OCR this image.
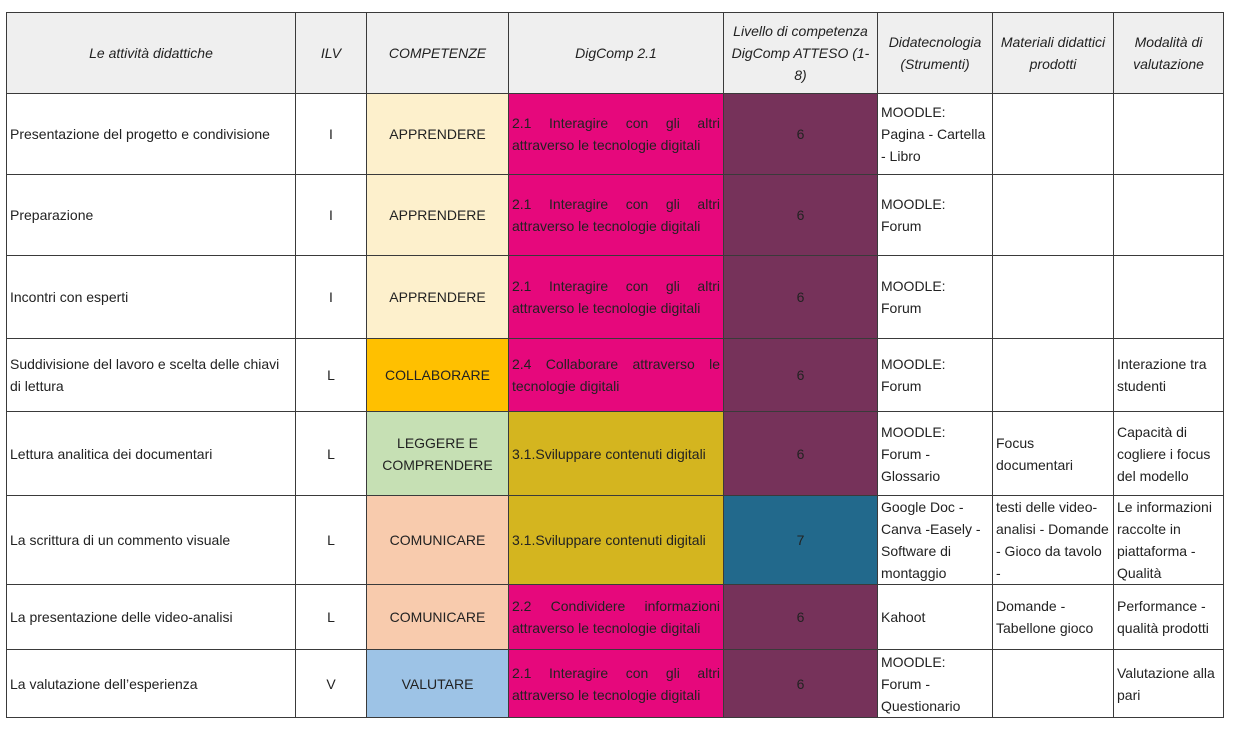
Le attività didattiche	ILV	COMPETENZE	DigComp 2.1	Livello di competenza DigComp ATTESO (1-8)	Didatecnologia (Strumenti)	Materiali didattici prodotti	Modalità di valutazione
Presentazione del progetto e condivisione	I	APPRENDERE	2.1 Interagire con gli altri attraverso le tecnologie digitali	6	MOODLE: Pagina - Cartella - Libro		
Preparazione	I	APPRENDERE	2.1 Interagire con gli altri attraverso le tecnologie digitali	6	MOODLE: Forum		
Incontri con esperti	I	APPRENDERE	2.1 Interagire con gli altri attraverso le tecnologie digitali	6	MOODLE: Forum		
Suddivisione del lavoro e scelta delle chiavi di lettura	L	COLLABORARE	2.4 Collaborare attraverso le tecnologie digitali	6	MOODLE: Forum		Interazione tra studenti
Lettura analitica dei documentari	L	LEGGERE E COMPRENDERE	3.1.Sviluppare contenuti digitali	6	MOODLE: Forum - Glossario	Focus documentari	Capacità di cogliere i focus del modello
La scrittura di un commento visuale	L	COMUNICARE	3.1.Sviluppare contenuti digitali	7	Google Doc - Canva -Easely - Software di montaggio	testi delle video-analisi - Domande - Gioco da tavolo -	Le informazioni raccolte in piattaforma - Qualità
La presentazione delle video-analisi	L	COMUNICARE	2.2 Condividere informazioni attraverso le tecnologie digitali	6	Kahoot	Domande - Tabellone gioco	Performance - qualità prodotti
La valutazione dell’esperienza	V	VALUTARE	2.1 Interagire con gli altri attraverso le tecnologie digitali	6	MOODLE: Forum - Questionario		Valutazione alla pari
